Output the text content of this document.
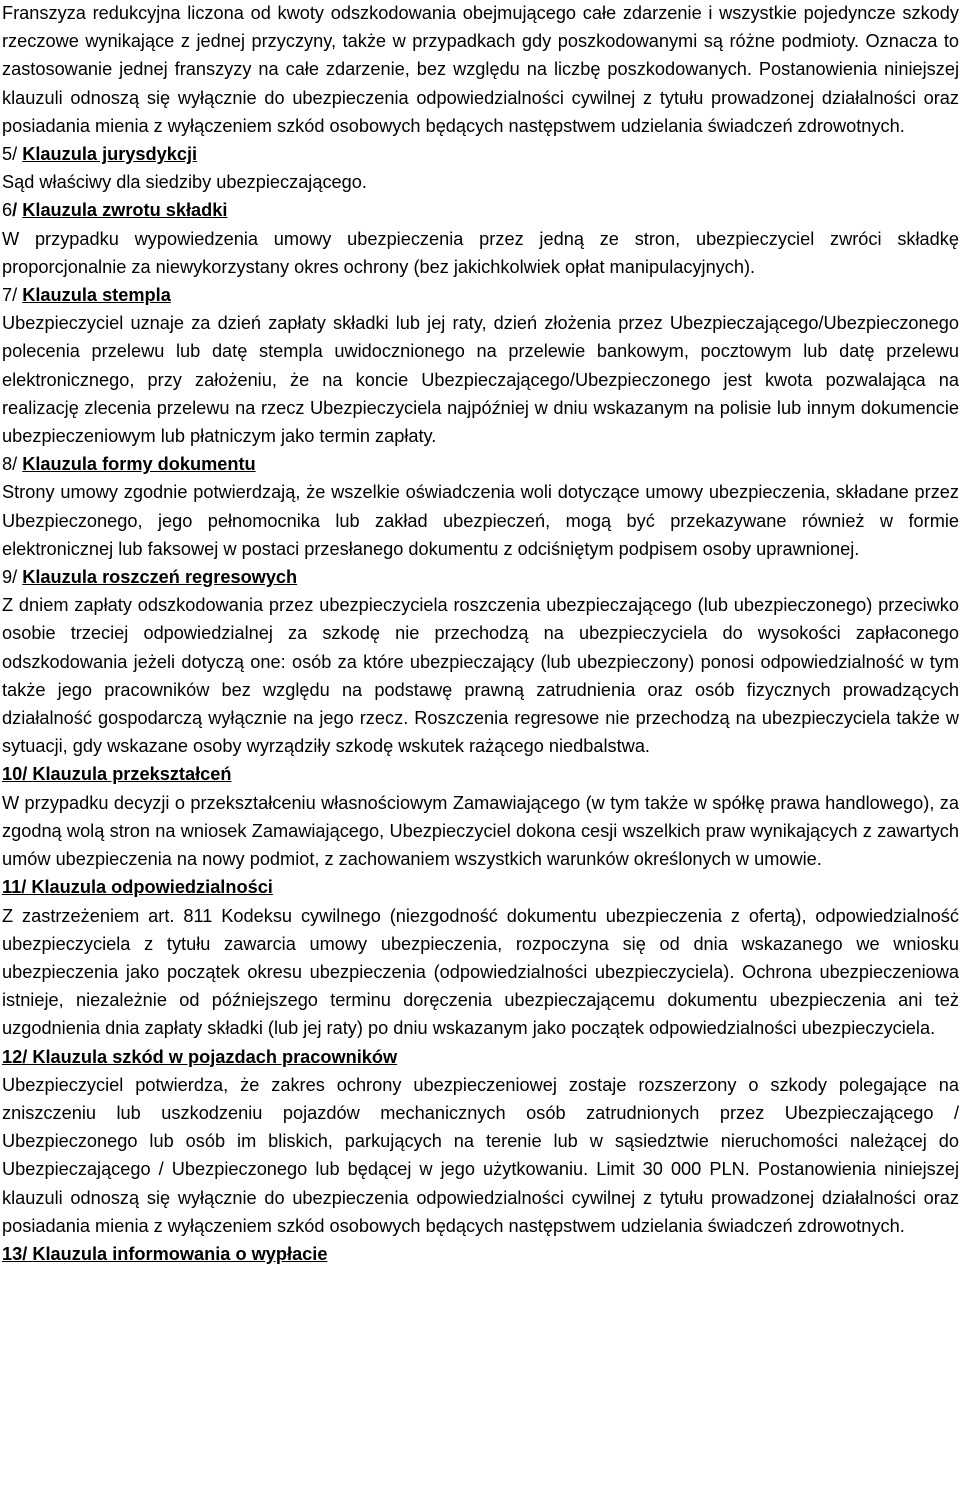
Franszyza redukcyjna liczona od kwoty odszkodowania obejmującego całe zdarzenie i wszystkie pojedyncze szkody rzeczowe wynikające z jednej przyczyny, także w przypadkach gdy poszkodowanymi są różne podmioty. Oznacza to zastosowanie jednej franszyzy na całe zdarzenie, bez względu na liczbę poszkodowanych. Postanowienia niniejszej klauzuli odnoszą się wyłącznie do ubezpieczenia odpowiedzialności cywilnej z tytułu prowadzonej działalności oraz posiadania mienia z wyłączeniem szkód osobowych będących następstwem udzielania świadczeń zdrowotnych.

5/ Klauzula jurysdykcji

Sąd właściwy dla siedziby ubezpieczającego.

6/ Klauzula zwrotu składki

W przypadku wypowiedzenia umowy ubezpieczenia przez jedną ze stron, ubezpieczyciel zwróci składkę proporcjonalnie za niewykorzystany okres ochrony (bez jakichkolwiek opłat manipulacyjnych).

7/ Klauzula stempla

Ubezpieczyciel uznaje za dzień zapłaty składki lub jej raty, dzień złożenia przez Ubezpieczającego/Ubezpieczonego polecenia przelewu lub datę stempla uwidocznionego na przelewie bankowym, pocztowym lub datę przelewu elektronicznego, przy założeniu, że na koncie Ubezpieczającego/Ubezpieczonego jest kwota pozwalająca na realizację zlecenia przelewu na rzecz Ubezpieczyciela najpóźniej w dniu wskazanym na polisie lub innym dokumencie ubezpieczeniowym lub płatniczym jako termin zapłaty.

8/ Klauzula formy dokumentu

Strony umowy zgodnie potwierdzają, że wszelkie oświadczenia woli dotyczące umowy ubezpieczenia, składane przez Ubezpieczonego, jego pełnomocnika lub zakład ubezpieczeń, mogą być przekazywane również w formie elektronicznej lub faksowej w postaci przesłanego dokumentu z odciśniętym podpisem osoby uprawnionej.

9/ Klauzula roszczeń regresowych

Z dniem zapłaty odszkodowania przez ubezpieczyciela roszczenia ubezpieczającego (lub ubezpieczonego) przeciwko osobie trzeciej odpowiedzialnej za szkodę nie przechodzą na ubezpieczyciela do wysokości zapłaconego odszkodowania jeżeli dotyczą one: osób za które ubezpieczający (lub ubezpieczony) ponosi odpowiedzialność w tym także jego pracowników bez względu na podstawę prawną zatrudnienia oraz osób fizycznych prowadzących działalność gospodarczą wyłącznie na jego rzecz. Roszczenia regresowe nie przechodzą na ubezpieczyciela także w sytuacji, gdy wskazane osoby wyrządziły szkodę wskutek rażącego niedbalstwa.

10/ Klauzula przekształceń

W przypadku decyzji o przekształceniu własnościowym Zamawiającego (w tym także w spółkę prawa handlowego), za zgodną wolą stron na wniosek Zamawiającego, Ubezpieczyciel dokona cesji wszelkich praw wynikających z zawartych umów ubezpieczenia na nowy podmiot, z zachowaniem wszystkich warunków określonych w umowie.

11/ Klauzula odpowiedzialności

Z zastrzeżeniem art. 811 Kodeksu cywilnego (niezgodność dokumentu ubezpieczenia z ofertą), odpowiedzialność ubezpieczyciela z tytułu zawarcia umowy ubezpieczenia, rozpoczyna się od dnia wskazanego we wniosku ubezpieczenia jako początek okresu ubezpieczenia (odpowiedzialności ubezpieczyciela). Ochrona ubezpieczeniowa istnieje, niezależnie od późniejszego terminu doręczenia ubezpieczającemu dokumentu ubezpieczenia ani też uzgodnienia dnia zapłaty składki (lub jej raty) po dniu wskazanym jako początek odpowiedzialności ubezpieczyciela.

12/ Klauzula szkód w pojazdach pracowników

Ubezpieczyciel potwierdza, że zakres ochrony ubezpieczeniowej zostaje rozszerzony o szkody polegające na zniszczeniu lub uszkodzeniu pojazdów mechanicznych osób zatrudnionych przez Ubezpieczającego / Ubezpieczonego lub osób im bliskich, parkujących na terenie lub w sąsiedztwie nieruchomości należącej do Ubezpieczającego / Ubezpieczonego lub będącej w jego użytkowaniu. Limit 30 000 PLN. Postanowienia niniejszej klauzuli odnoszą się wyłącznie do ubezpieczenia odpowiedzialności cywilnej z tytułu prowadzonej działalności oraz posiadania mienia z wyłączeniem szkód osobowych będących następstwem udzielania świadczeń zdrowotnych.

13/ Klauzula informowania o wypłacie
